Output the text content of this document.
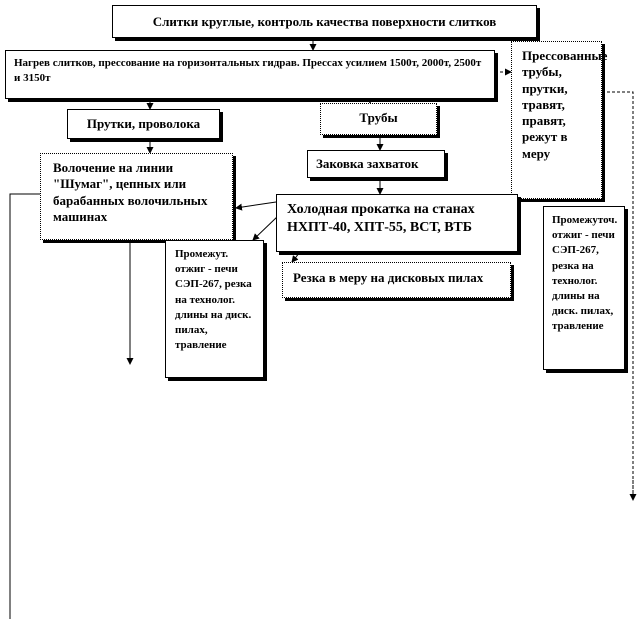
Слитки круглые, контроль качества поверхности слитков
Нагрев слитков, прессование на горизонтальных гидрав. Прессах усилием 1500т, 2000т, 2500т и 3150т
Прессованные трубы, прутки, травят, правят, режут в меру
Прутки, проволока	Трубы
Волочение на линии "Шумаг", цепных или барабанных волочильных машинах
Заковка захваток
Холодная прокатка на станах НХПТ-40, ХПТ-55, ВСТ, ВТБ
Промежут. отжиг - печи СЭП-267, резка на технолог. длины на диск. пилах, травление
Резка в меру на дисковых пилах
Промежуточ. отжиг - печи СЭП-267, резка на технолог. длины на диск. пилах, травление
